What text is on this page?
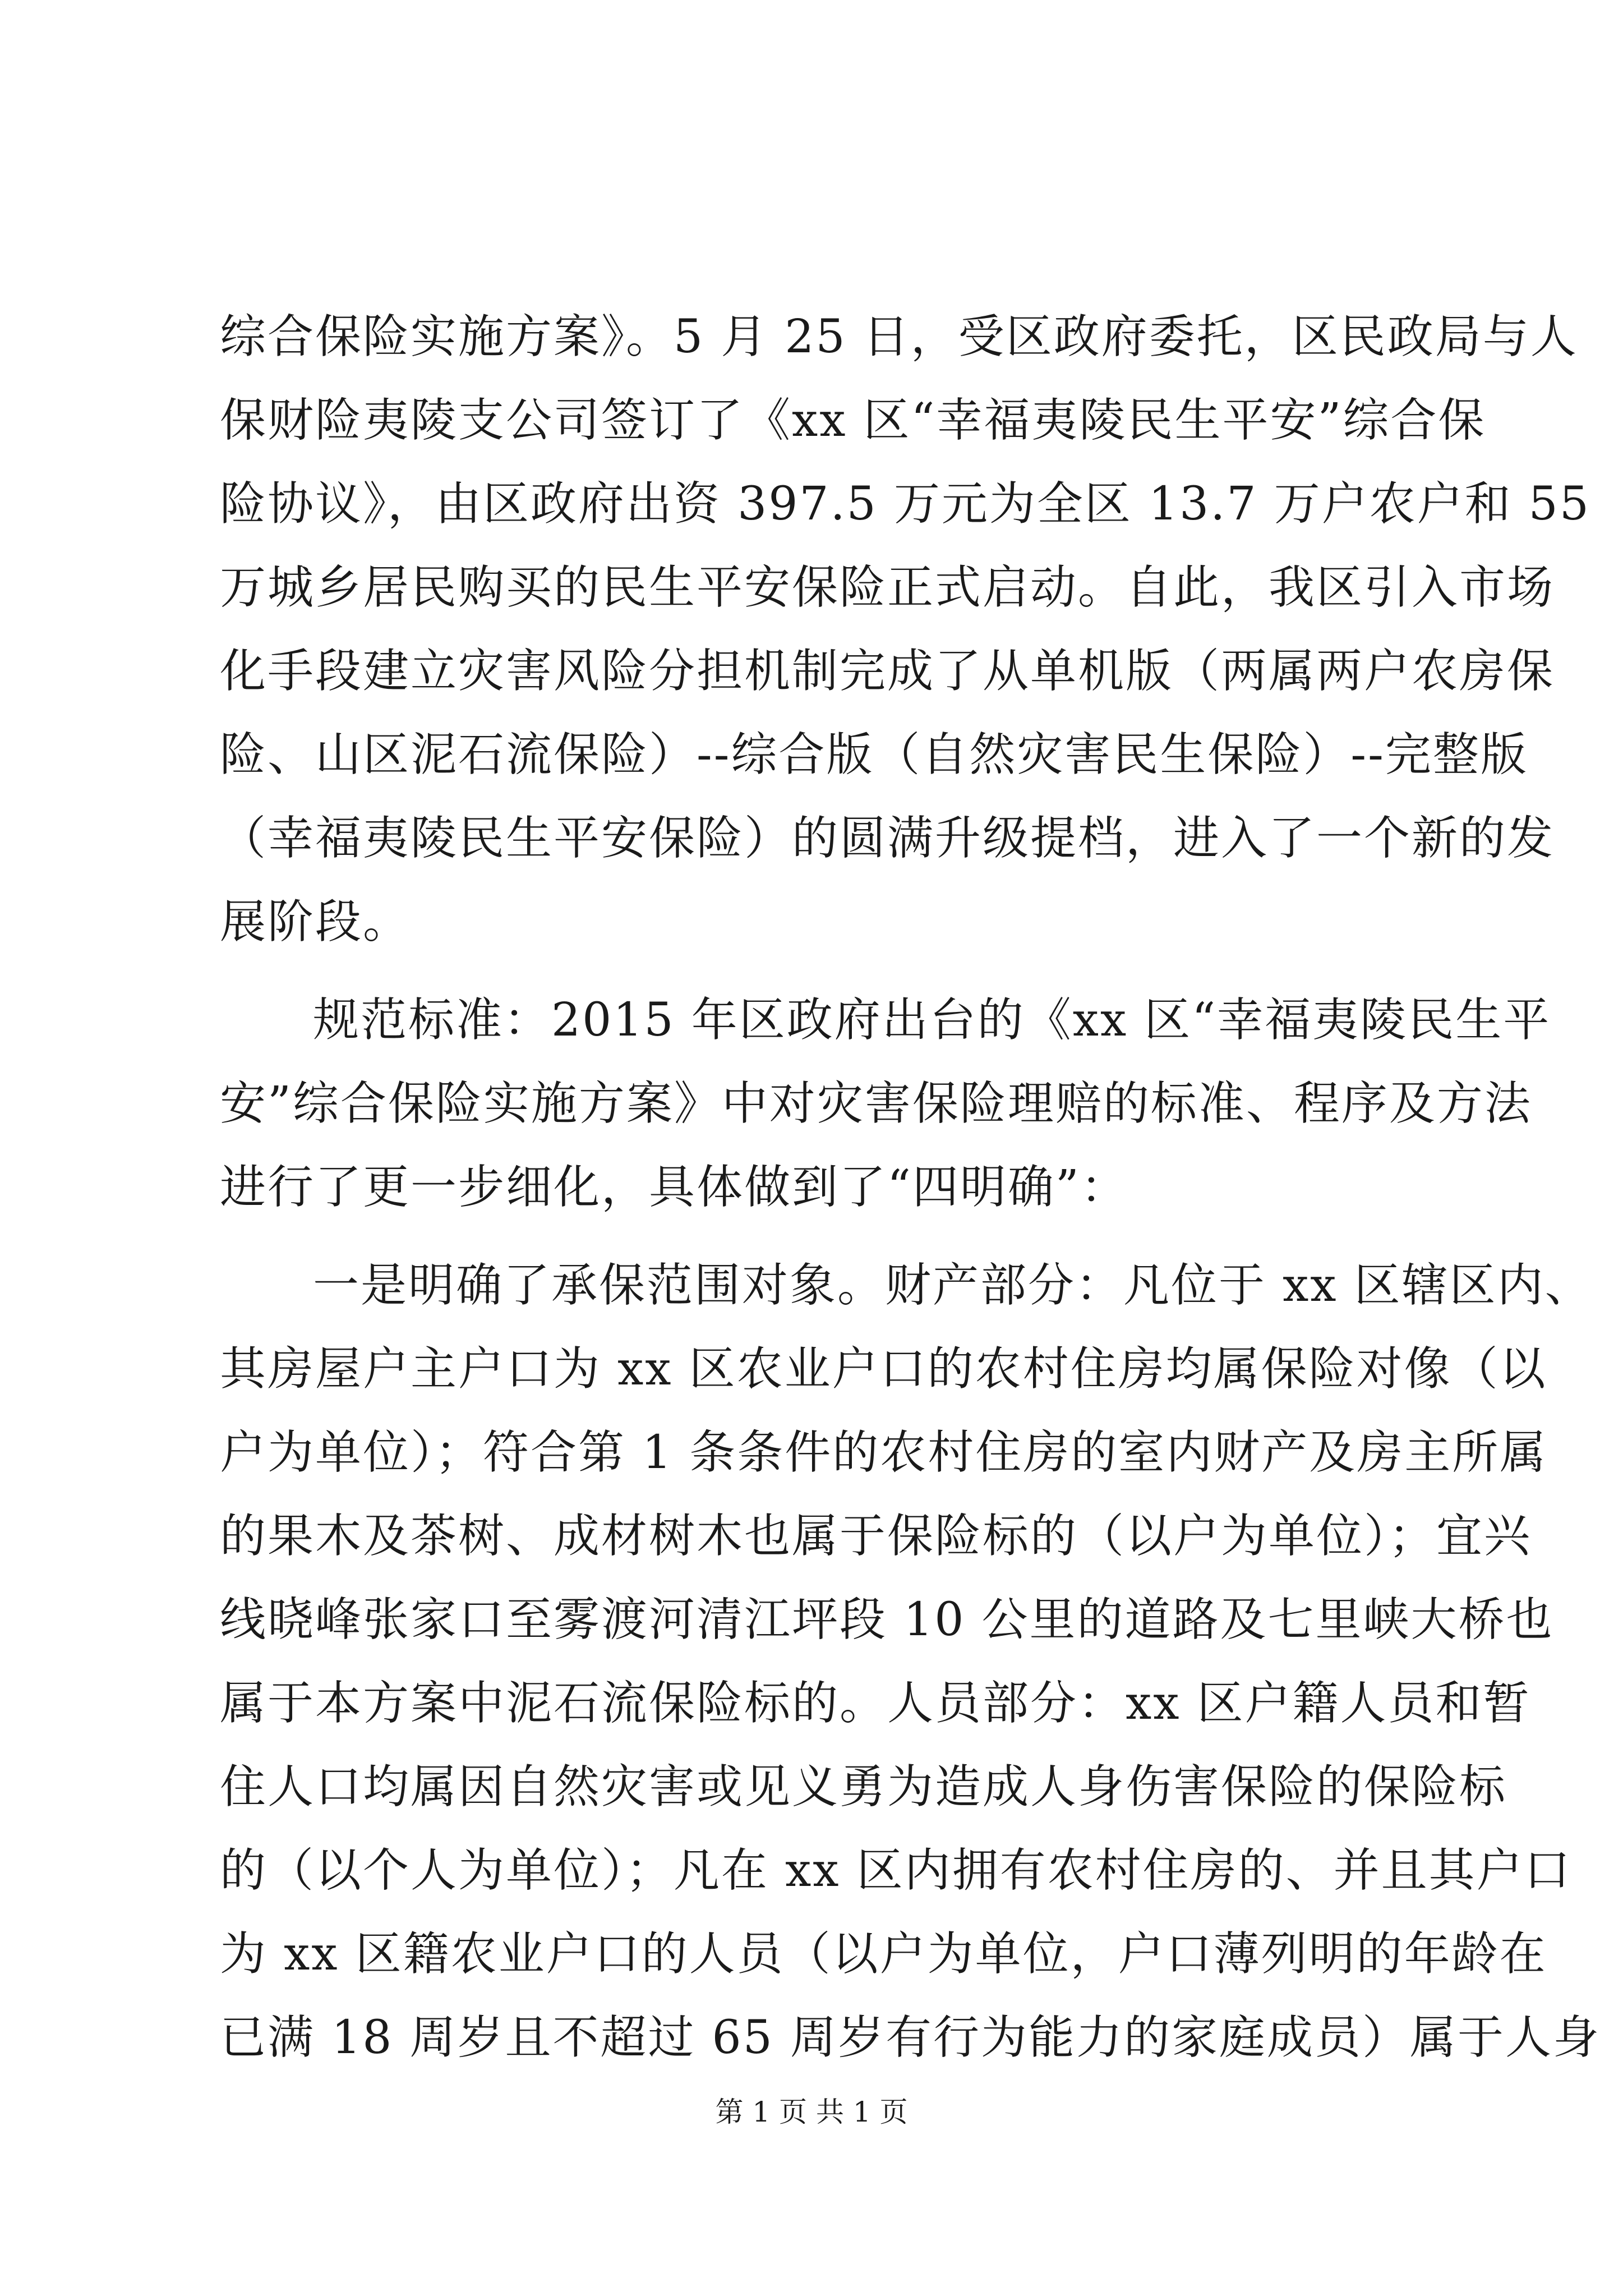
综合保险实施方案》。5 月 25 日，受区政府委托，区民政局与人
保财险夷陵支公司签订了《xx 区“幸福夷陵民生平安”综合保
险协议》，由区政府出资 397.5 万元为全区 13.7 万户农户和 55
万城乡居民购买的民生平安保险正式启动。自此，我区引入市场
化手段建立灾害风险分担机制完成了从单机版（两属两户农房保
险、山区泥石流保险）--综合版（自然灾害民生保险）--完整版
（幸福夷陵民生平安保险）的圆满升级提档，进入了一个新的发
展阶段。
规范标准：2015 年区政府出台的《xx 区“幸福夷陵民生平
安”综合保险实施方案》中对灾害保险理赔的标准、程序及方法
进行了更一步细化，具体做到了“四明确”：
一是明确了承保范围对象。财产部分：凡位于 xx 区辖区内、
其房屋户主户口为 xx 区农业户口的农村住房均属保险对像（以
户为单位）；符合第 1 条条件的农村住房的室内财产及房主所属
的果木及茶树、成材树木也属于保险标的（以户为单位）；宜兴
线晓峰张家口至雾渡河清江坪段 10 公里的道路及七里峡大桥也
属于本方案中泥石流保险标的。人员部分：xx 区户籍人员和暂
住人口均属因自然灾害或见义勇为造成人身伤害保险的保险标
的（以个人为单位）；凡在 xx 区内拥有农村住房的、并且其户口
为 xx 区籍农业户口的人员（以户为单位，户口薄列明的年龄在
已满 18 周岁且不超过 65 周岁有行为能力的家庭成员）属于人身
第 1 页 共 1 页
